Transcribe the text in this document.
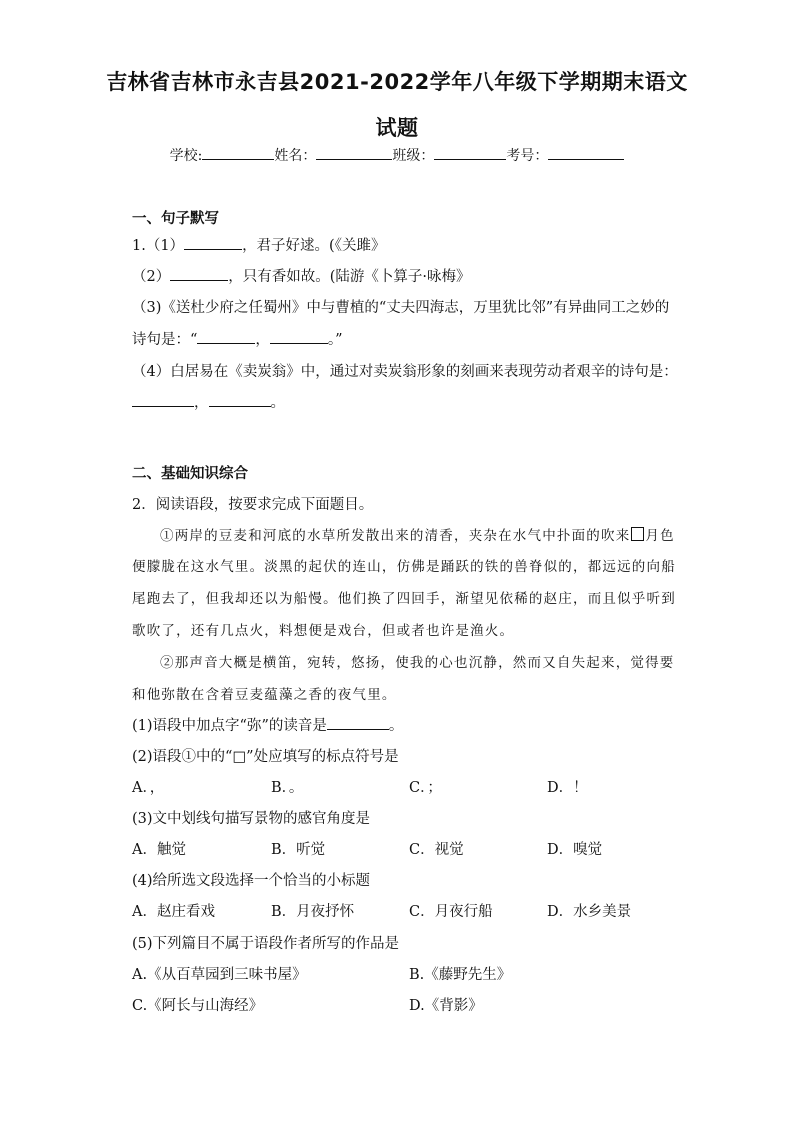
吉林省吉林市永吉县2021-2022学年八年级下学期期末语文
试题
学校:	姓名：	班级：	考号：
一、句子默写
1.（1）	，君子好逑。(《关雎》
（2）	，只有香如故。(陆游《卜算子·咏梅》
（3)《送杜少府之任蜀州》中与曹植的“丈夫四海志，万里犹比邻”有异曲同工之妙的
诗句是：“	，	。”
（4）白居易在《卖炭翁》中，通过对卖炭翁形象的刻画来表现劳动者艰辛的诗句是：
，	。
二、基础知识综合
2．阅读语段，按要求完成下面题目。
①两岸的豆麦和河底的水草所发散出来的清香，夹杂在水气中扑面的吹来 月色
便朦胧在这水气里。淡黑的起伏的连山，仿佛是踊跃的铁的兽脊似的，都远远的向船
尾跑去了，但我却还以为船慢。他们换了四回手，渐望见依稀的赵庄，而且似乎听到
歌吹了，还有几点火，料想便是戏台，但或者也许是渔火。
②那声音大概是横笛，宛转，悠扬，使我的心也沉静，然而又自失起来，觉得要
和他弥散在含着豆麦蕴藻之香的夜气里。
(1)语段中加点字“弥”的读音是	。
(2)语段①中的“□”处应填写的标点符号是
A．，	B．。	C．；	D．！
(3)文中划线句描写景物的感官角度是
A．触觉	B．听觉	C．视觉	D．嗅觉
(4)给所选文段选择一个恰当的小标题
A．赵庄看戏	B．月夜抒怀	C．月夜行船	D．水乡美景
(5)下列篇目不属于语段作者所写的作品是
A.《从百草园到三味书屋》	B.《藤野先生》
C.《阿长与山海经》	D.《背影》
